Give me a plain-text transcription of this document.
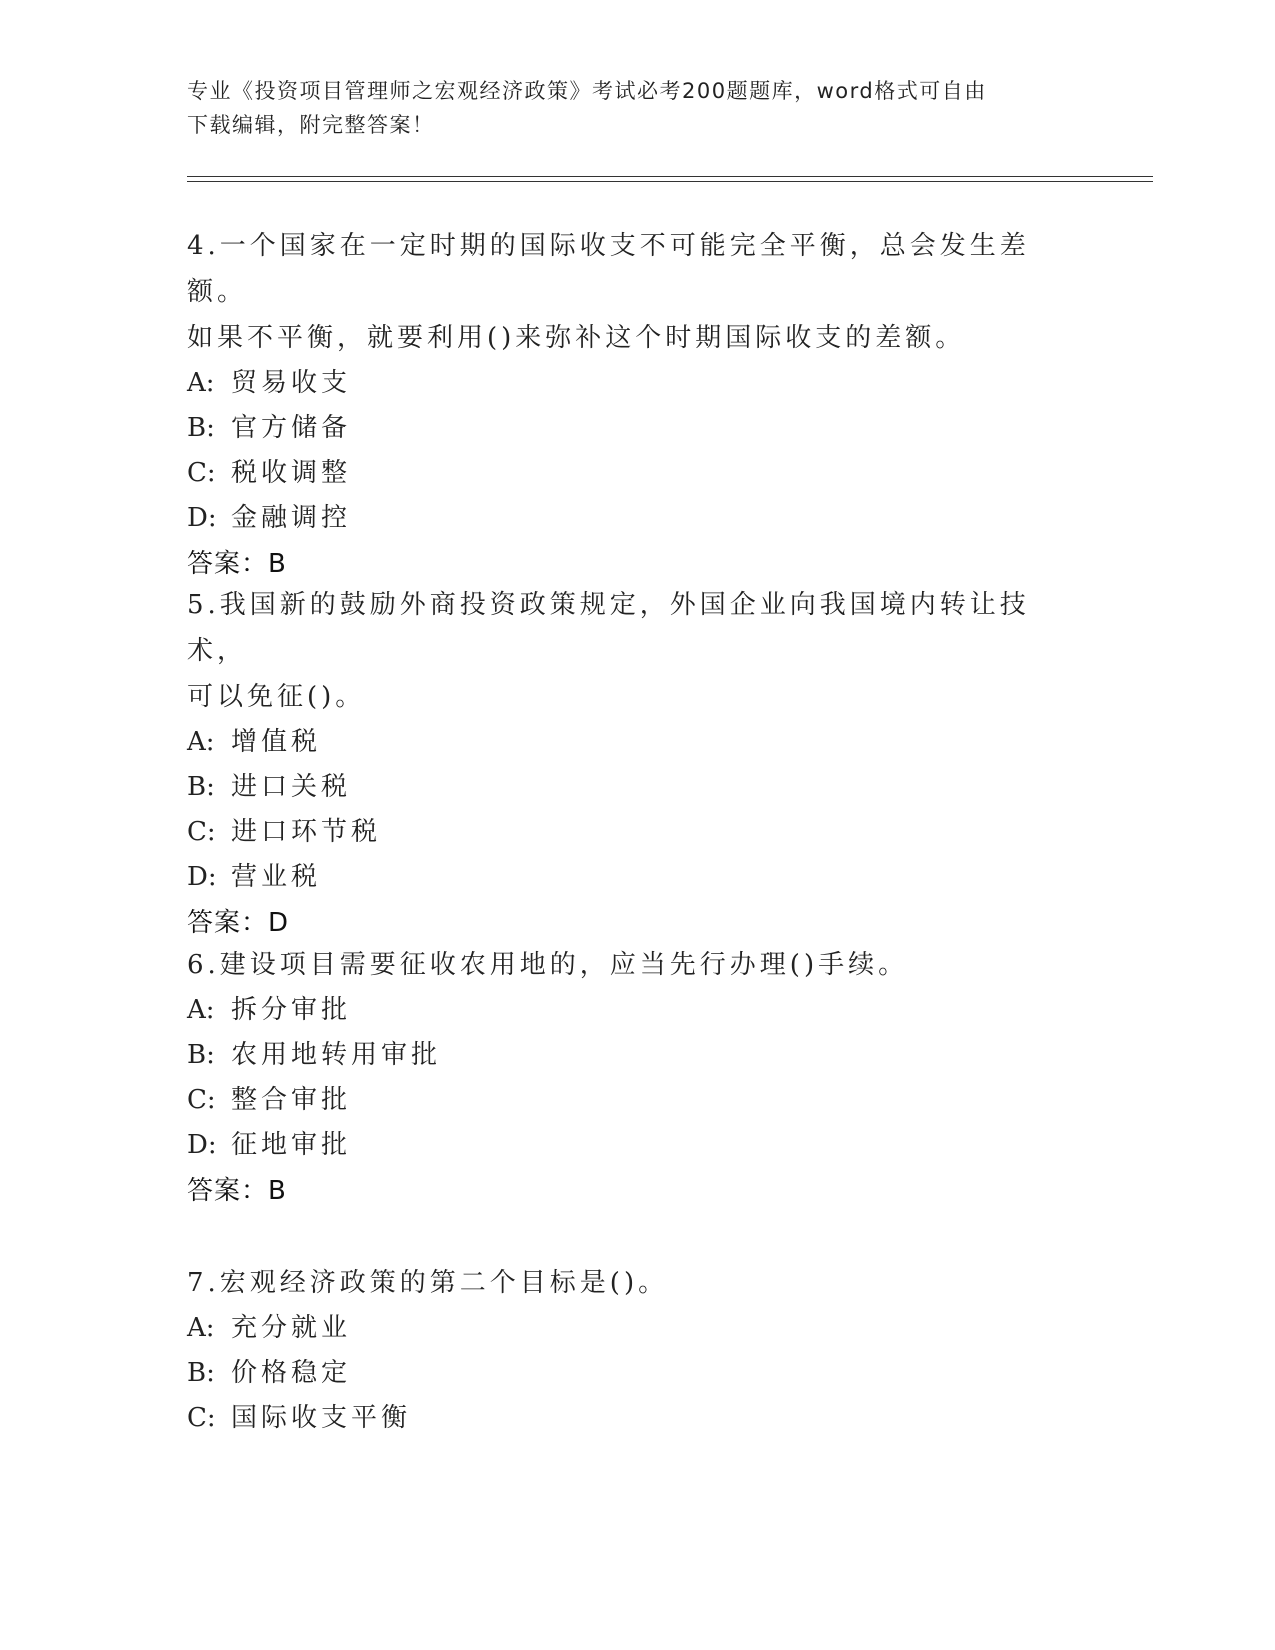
专业《投资项目管理师之宏观经济政策》考试必考200题题库，word格式可自由
下载编辑，附完整答案！
4.一个国家在一定时期的国际收支不可能完全平衡，总会发生差额。
如果不平衡，就要利用()来弥补这个时期国际收支的差额。
A: 贸易收支
B: 官方储备
C: 税收调整
D: 金融调控
答案：B
5.我国新的鼓励外商投资政策规定，外国企业向我国境内转让技术，
可以免征()。
A: 增值税
B: 进口关税
C: 进口环节税
D: 营业税
答案：D
6.建设项目需要征收农用地的，应当先行办理()手续。
A: 拆分审批
B: 农用地转用审批
C: 整合审批
D: 征地审批
答案：B
7.宏观经济政策的第二个目标是()。
A: 充分就业
B: 价格稳定
C: 国际收支平衡
